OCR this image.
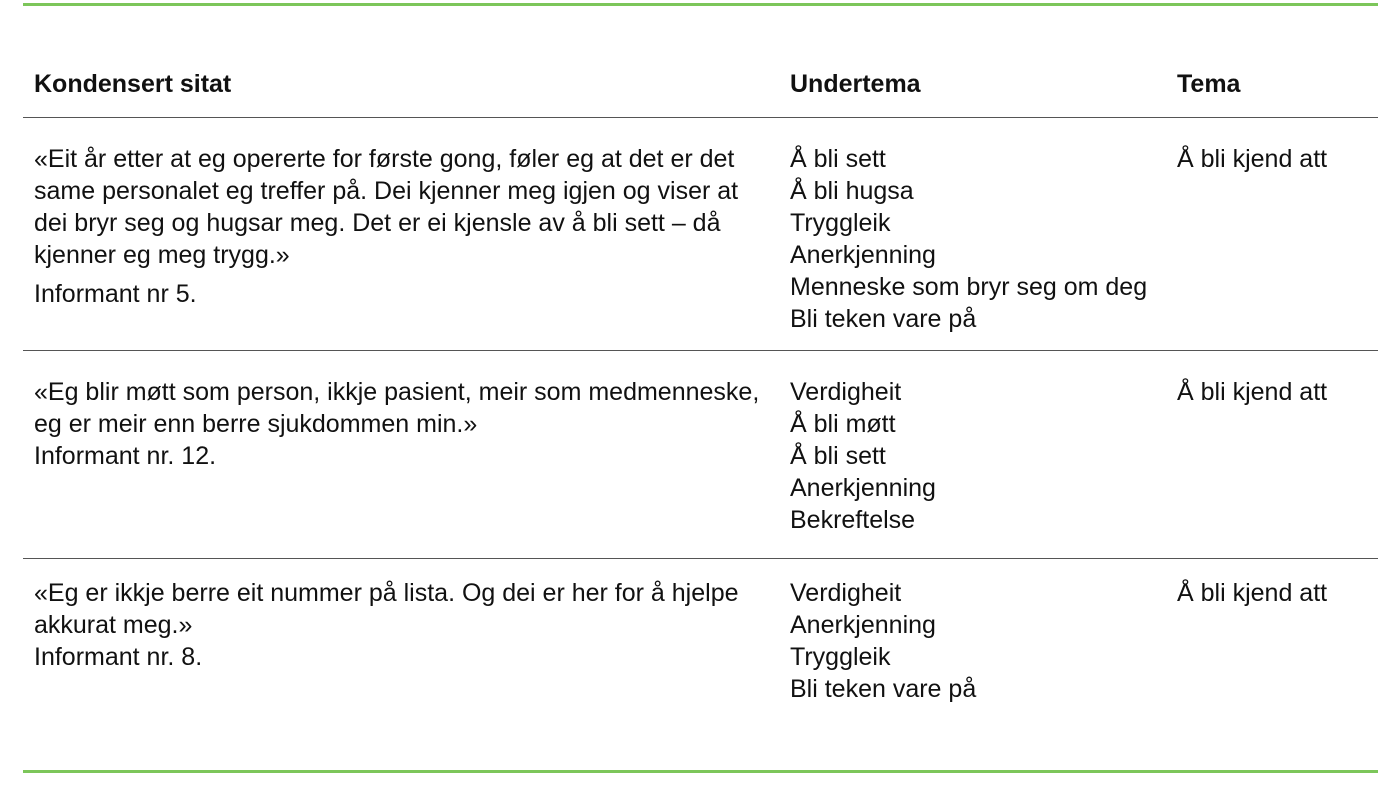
Kondensert sitat	Undertema	Tema
«Eit år etter at eg opererte for første gong, føler eg at det er det
same personalet eg treffer på. Dei kjenner meg igjen og viser at
dei bryr seg og hugsar meg. Det er ei kjensle av å bli sett – då
kjenner eg meg trygg.»
Informant nr 5.
Å bli sett
Å bli hugsa
Tryggleik
Anerkjenning
Menneske som bryr seg om deg
Bli teken vare på
Å bli kjend att
«Eg blir møtt som person, ikkje pasient, meir som medmenneske,
eg er meir enn berre sjukdommen min.»
Informant nr. 12.
Verdigheit
Å bli møtt
Å bli sett
Anerkjenning
Bekreftelse
Å bli kjend att
«Eg er ikkje berre eit nummer på lista. Og dei er her for å hjelpe
akkurat meg.»
Informant nr. 8.
Verdigheit
Anerkjenning
Tryggleik
Bli teken vare på
Å bli kjend att
